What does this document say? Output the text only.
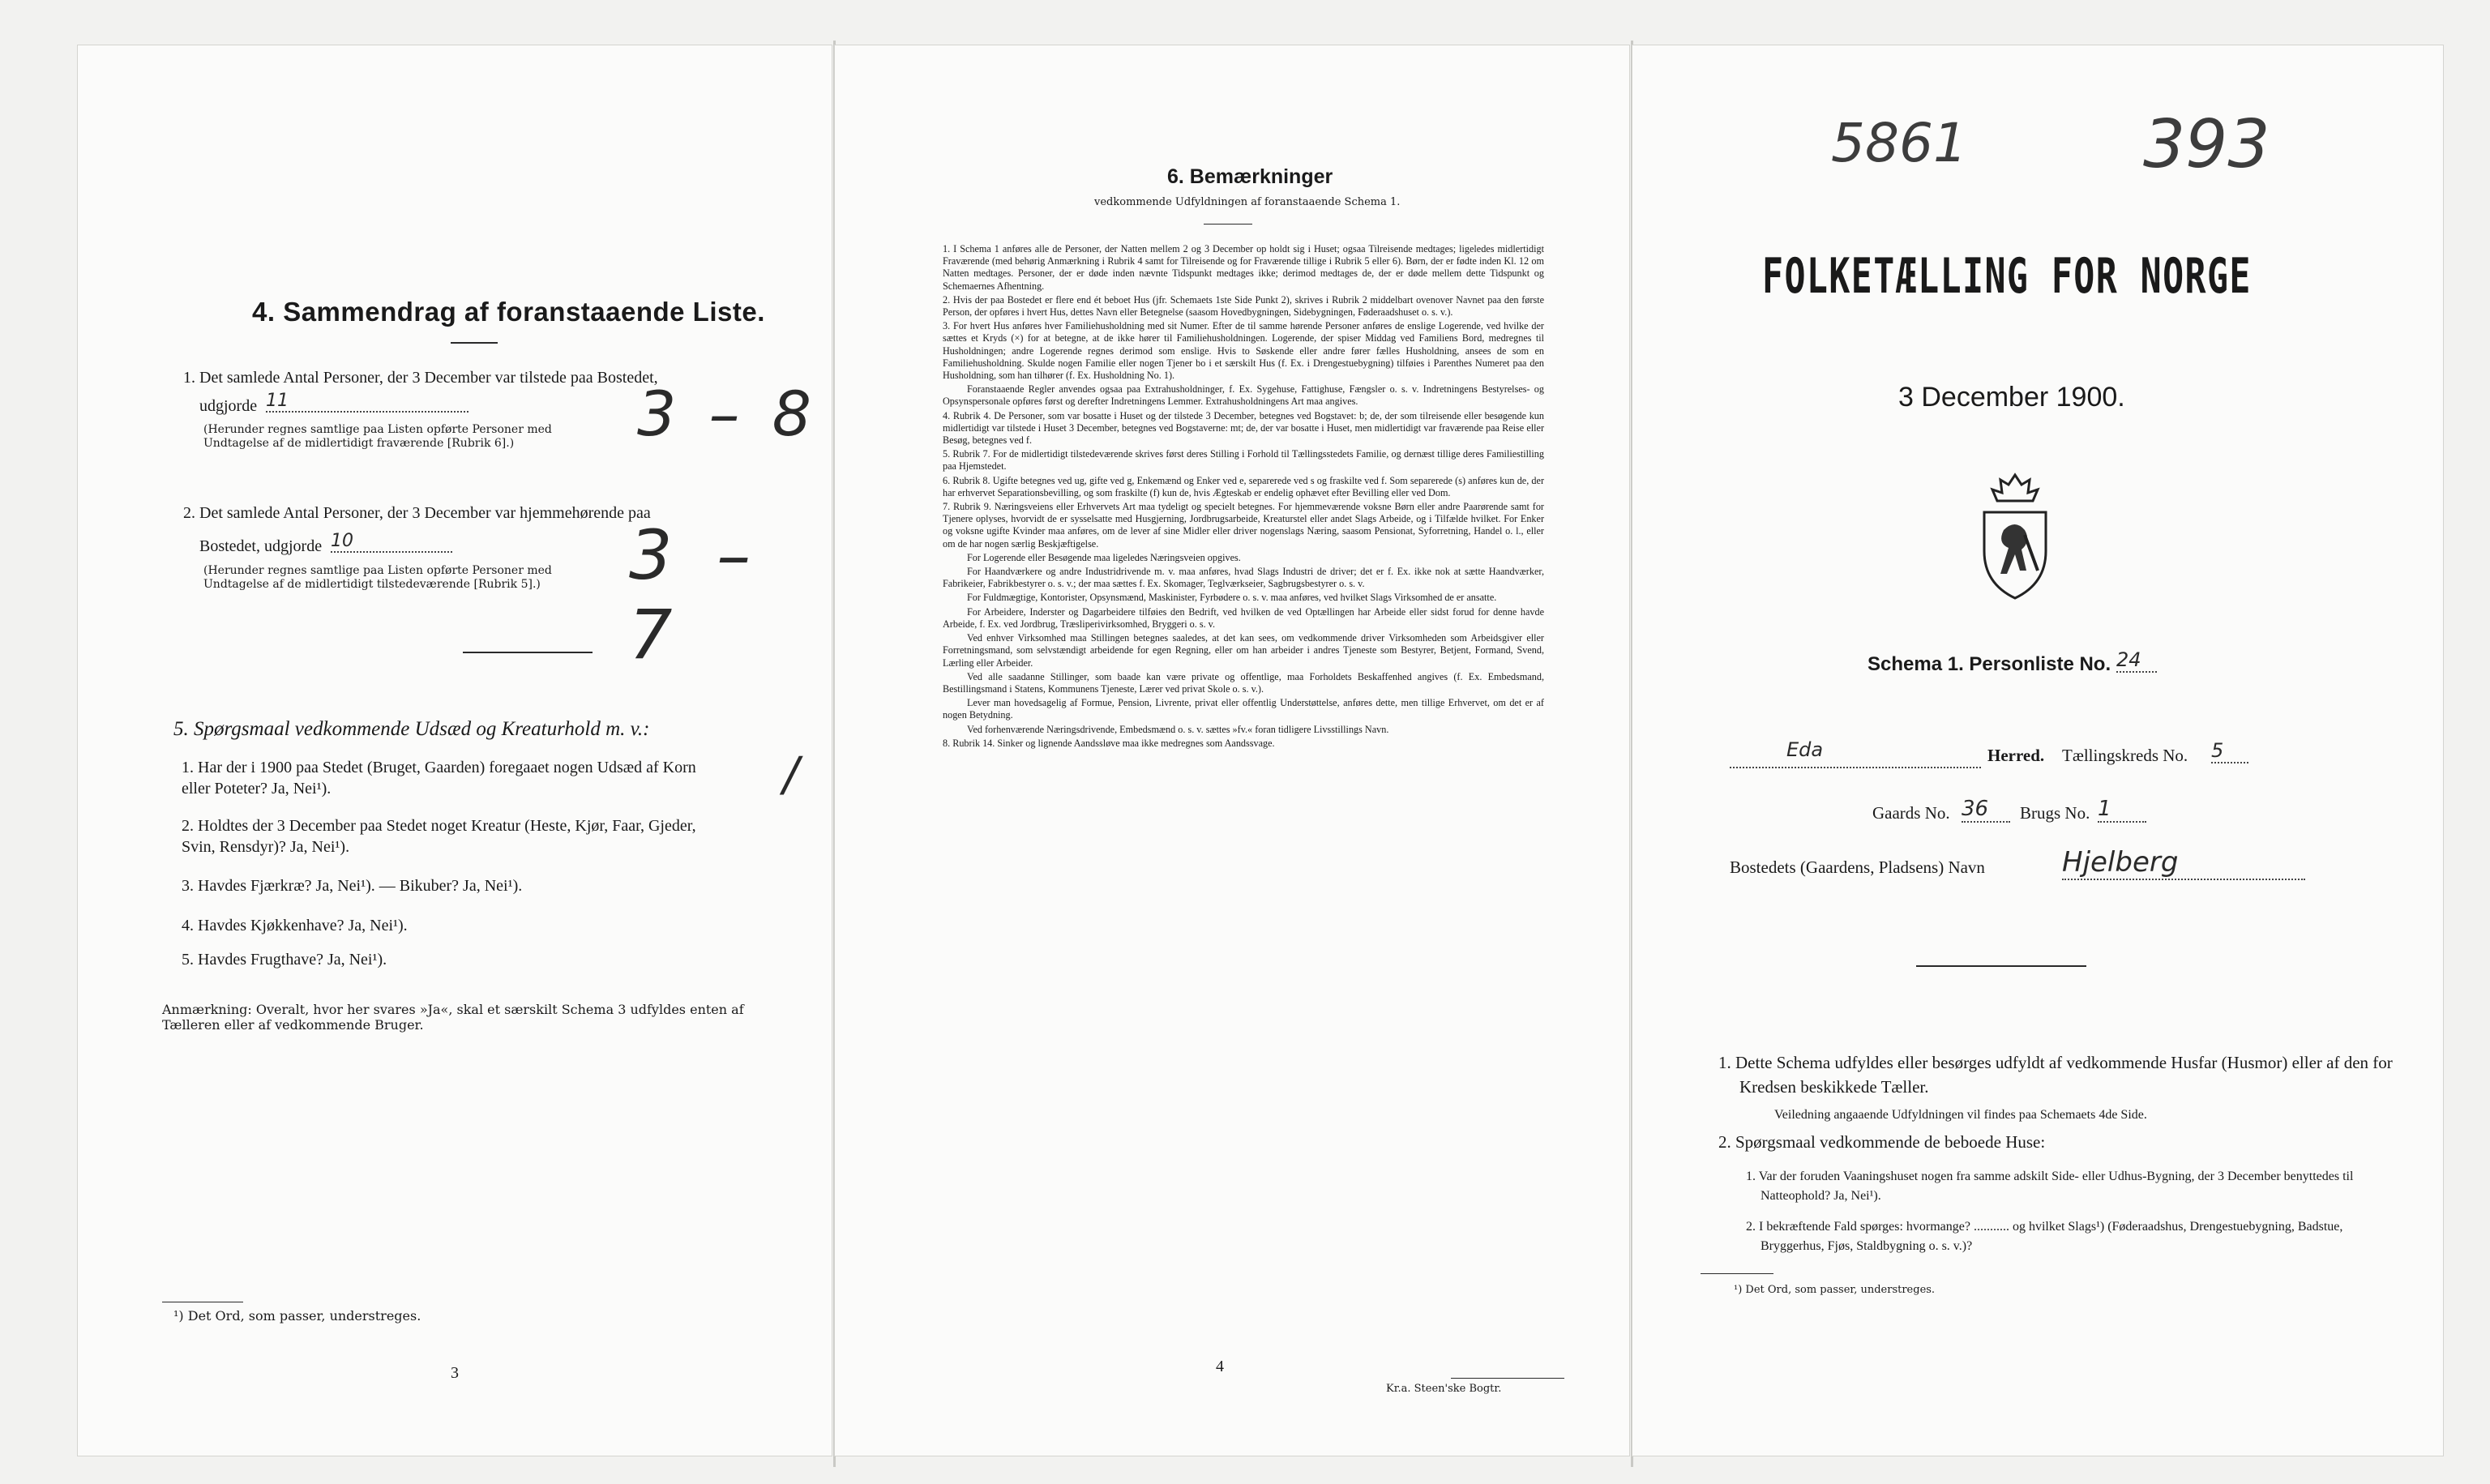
4. Sammendrag af foranstaaende Liste.
1. Det samlede Antal Personer, der 3 December var tilstede paa Bostedet,
udgjorde 11
(Herunder regnes samtlige paa Listen opførte Personer med Undtagelse af de midlertidigt fraværende [Rubrik 6].)	3 – 8
2. Det samlede Antal Personer, der 3 December var hjemmehørende paa
Bostedet, udgjorde 10
(Herunder regnes samtlige paa Listen opførte Personer med Undtagelse af de midlertidigt tilstedeværende [Rubrik 5].)	3 – 7
5. Spørgsmaal vedkommende Udsæd og Kreaturhold m. v.:
1. Har der i 1900 paa Stedet (Bruget, Gaarden) foregaaet nogen Udsæd af Korn eller Poteter? Ja, Nei¹).	/
2. Holdtes der 3 December paa Stedet noget Kreatur (Heste, Kjør, Faar, Gjeder, Svin, Rensdyr)? Ja, Nei¹).
3. Havdes Fjærkræ? Ja, Nei¹). — Bikuber? Ja, Nei¹).
4. Havdes Kjøkkenhave? Ja, Nei¹).
5. Havdes Frugthave? Ja, Nei¹).
Anmærkning: Overalt, hvor her svares »Ja«, skal et særskilt Schema 3 udfyldes enten af Tælleren eller af vedkommende Bruger.
¹) Det Ord, som passer, understreges.
3
6. Bemærkninger
vedkommende Udfyldningen af foranstaaende Schema 1.

1. I Schema 1 anføres alle de Personer, der Natten mellem 2 og 3 December op holdt sig i Huset; ogsaa Tilreisende medtages; ligeledes midlertidigt Fraværende (med behørig Anmærkning i Rubrik 4 samt for Tilreisende og for Fraværende tillige i Rubrik 5 eller 6). Børn, der er fødte inden Kl. 12 om Natten medtages. Personer, der er døde inden nævnte Tidspunkt medtages ikke; derimod medtages de, der er døde mellem dette Tidspunkt og Schemaernes Afhentning.

2. Hvis der paa Bostedet er flere end ét beboet Hus (jfr. Schemaets 1ste Side Punkt 2), skrives i Rubrik 2 middelbart ovenover Navnet paa den første Person, der opføres i hvert Hus, dettes Navn eller Betegnelse (saasom Hovedbygningen, Sidebygningen, Føderaadshuset o. s. v.).

3. For hvert Hus anføres hver Familiehusholdning med sit Numer. Efter de til samme hørende Personer anføres de enslige Logerende, ved hvilke der sættes et Kryds (×) for at betegne, at de ikke hører til Familiehusholdningen. Logerende, der spiser Middag ved Familiens Bord, medregnes til Husholdningen; andre Logerende regnes derimod som enslige. Hvis to Søskende eller andre fører fælles Husholdning, ansees de som en Familiehusholdning. Skulde nogen Familie eller nogen Tjener bo i et særskilt Hus (f. Ex. i Drengestuebygning) tilføies i Parenthes Numeret paa den Husholdning, som han tilhører (f. Ex. Husholdning No. 1).

Foranstaaende Regler anvendes ogsaa paa Extrahusholdninger, f. Ex. Sygehuse, Fattighuse, Fængsler o. s. v. Indretningens Bestyrelses- og Opsynspersonale opføres først og derefter Indretningens Lemmer. Extrahusholdningens Art maa angives.

4. Rubrik 4. De Personer, som var bosatte i Huset og der tilstede 3 December, betegnes ved Bogstavet: b; de, der som tilreisende eller besøgende kun midlertidigt var tilstede i Huset 3 December, betegnes ved Bogstaverne: mt; de, der var bosatte i Huset, men midlertidigt var fraværende paa Reise eller Besøg, betegnes ved f.

5. Rubrik 7. For de midlertidigt tilstedeværende skrives først deres Stilling i Forhold til Tællingsstedets Familie, og dernæst tillige deres Familiestilling paa Hjemstedet.

6. Rubrik 8. Ugifte betegnes ved ug, gifte ved g, Enkemænd og Enker ved e, separerede ved s og fraskilte ved f. Som separerede (s) anføres kun de, der har erhvervet Separationsbevilling, og som fraskilte (f) kun de, hvis Ægteskab er endelig ophævet efter Bevilling eller ved Dom.

7. Rubrik 9. Næringsveiens eller Erhvervets Art maa tydeligt og specielt betegnes. For hjemmeværende voksne Børn eller andre Paarørende samt for Tjenere oplyses, hvorvidt de er sysselsatte med Husgjerning, Jordbrugsarbeide, Kreaturstel eller andet Slags Arbeide, og i Tilfælde hvilket. For Enker og voksne ugifte Kvinder maa anføres, om de lever af sine Midler eller driver nogenslags Næring, saasom Pensionat, Syforretning, Handel o. l., eller om de har nogen særlig Beskjæftigelse.

For Logerende eller Besøgende maa ligeledes Næringsveien opgives.

For Haandværkere og andre Industridrivende m. v. maa anføres, hvad Slags Industri de driver; det er f. Ex. ikke nok at sætte Haandværker, Fabrikeier, Fabrikbestyrer o. s. v.; der maa sættes f. Ex. Skomager, Teglværkseier, Sagbrugsbestyrer o. s. v.

For Fuldmægtige, Kontorister, Opsynsmænd, Maskinister, Fyrbødere o. s. v. maa anføres, ved hvilket Slags Virksomhed de er ansatte.

For Arbeidere, Inderster og Dagarbeidere tilføies den Bedrift, ved hvilken de ved Optællingen har Arbeide eller sidst forud for denne havde Arbeide, f. Ex. ved Jordbrug, Træsliperivirksomhed, Bryggeri o. s. v.

Ved enhver Virksomhed maa Stillingen betegnes saaledes, at det kan sees, om vedkommende driver Virksomheden som Arbeidsgiver eller Forretningsmand, som selvstændigt arbeidende for egen Regning, eller om han arbeider i andres Tjeneste som Bestyrer, Betjent, Formand, Svend, Lærling eller Arbeider.

Ved alle saadanne Stillinger, som baade kan være private og offentlige, maa Forholdets Beskaffenhed angives (f. Ex. Embedsmand, Bestillingsmand i Statens, Kommunens Tjeneste, Lærer ved privat Skole o. s. v.).

Lever man hovedsagelig af Formue, Pension, Livrente, privat eller offentlig Understøttelse, anføres dette, men tillige Erhvervet, om det er af nogen Betydning.

Ved forhenværende Næringsdrivende, Embedsmænd o. s. v. sættes »fv.« foran tidligere Livsstillings Navn.

8. Rubrik 14. Sinker og lignende Aandssløve maa ikke medregnes som Aandssvage.

4
Kr.a. Steen'ske Bogtr.
5861	393
FOLKETÆLLING FOR NORGE
3 December 1900.
Schema 1. Personliste No. 24
Eda	Herred. Tællingskreds No. 5
Gaards No. 36	Brugs No. 1
Bostedets (Gaardens, Pladsens) Navn	Hjelberg
1. Dette Schema udfyldes eller besørges udfyldt af vedkommende Husfar (Husmor) eller af den for Kredsen beskikkede Tæller.
Veiledning angaaende Udfyldningen vil findes paa Schemaets 4de Side.
2. Spørgsmaal vedkommende de beboede Huse:
1. Var der foruden Vaaningshuset nogen fra samme adskilt Side- eller Udhus-Bygning, der 3 December benyttedes til Natteophold? Ja, Nei¹).
2. I bekræftende Fald spørges: hvormange? ........... og hvilket Slags¹) (Føderaadshus, Drengestuebygning, Badstue, Bryggerhus, Fjøs, Staldbygning o. s. v.)?
¹) Det Ord, som passer, understreges.
